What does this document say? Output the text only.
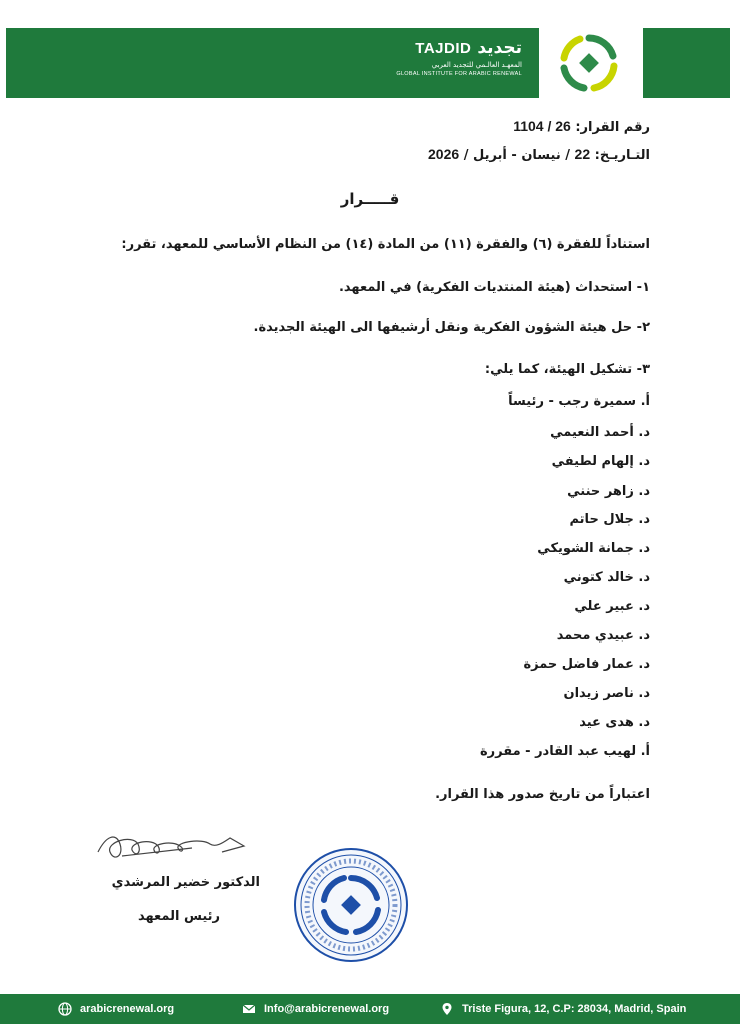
TAJDID تجديد
المعهـد العالـمي للتجديد العربي
GLOBAL INSTITUTE FOR ARABIC RENEWAL
رقم القرار: 1104 / 26
التـاريـخ: 22 / نيسان - أبريل / 2026
قـــــرار
استناداً للفقرة (٦) والفقرة (١١) من المادة (١٤) من النظام الأساسي للمعهد، تقرر:
١- استحداث (هيئة المنتديات الفكرية) في المعهد.
٢- حل هيئة الشؤون الفكرية ونقل أرشيفها الى الهيئة الجديدة.
٣- تشكيل الهيئة، كما يلي:
أ. سميرة رجب - رئيساً
د. أحمد النعيمي
د. إلهام لطيفي
د. زاهر حنني
د. جلال حاتم
د. جمانة الشويكي
د. خالد كتوني
د. عبير علي
د. عبيدي محمد
د. عمار فاضل حمزة
د. ناصر زيدان
د. هدى عيد
أ. لهيب عبد القادر - مقررة
اعتباراً من تاريخ صدور هذا القرار.
الدكتور خضير المرشدي
رئيس المعهد
arabicrenewal.org	Info@arabicrenewal.org	Triste Figura, 12, C.P: 28034, Madrid, Spain
